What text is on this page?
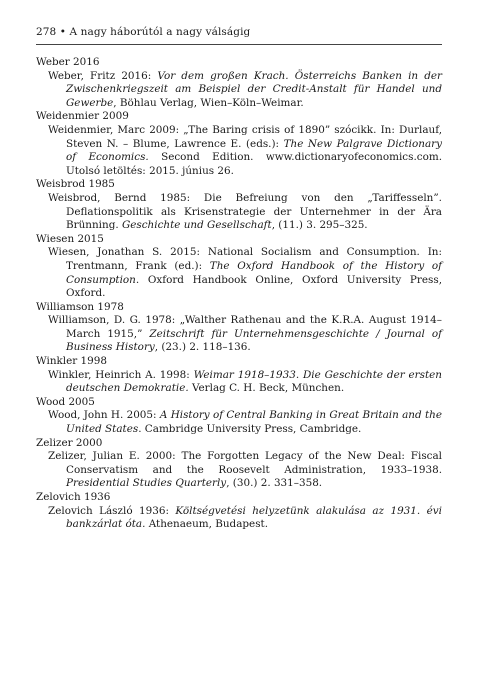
278 • A nagy háborútól a nagy válságig
Weber 2016
Weber, Fritz 2016: Vor dem großen Krach. Österreichs Banken in der Zwischenkriegszeit am Beispiel der Credit-Anstalt für Handel und Gewerbe, Böhlau Verlag, Wien–Köln–Weimar.
Weidenmier 2009
Weidenmier, Marc 2009: „The Baring crisis of 1890” szócikk. In: Durlauf, Steven N. – Blume, Lawrence E. (eds.): The New Palgrave Dictionary of Economics. Second Edition. www.dictionaryofeconomics.com. Utolsó letöltés: 2015. június 26.
Weisbrod 1985
Weisbrod, Bernd 1985: Die Befreiung von den „Tariffesseln”. Deflationspolitik als Krisenstrategie der Unternehmer in der Ära Brünning. Geschichte und Gesellschaft, (11.) 3. 295–325.
Wiesen 2015
Wiesen, Jonathan S. 2015: National Socialism and Consumption. In: Trentmann, Frank (ed.): The Oxford Handbook of the History of Consumption. Oxford Handbook Online, Oxford University Press, Oxford.
Williamson 1978
Williamson, D. G. 1978: „Walther Rathenau and the K.R.A. August 1914–March 1915,” Zeitschrift für Unternehmensgeschichte / Journal of Business History, (23.) 2. 118–136.
Winkler 1998
Winkler, Heinrich A. 1998: Weimar 1918–1933. Die Geschichte der ersten deutschen Demokratie. Verlag C. H. Beck, München.
Wood 2005
Wood, John H. 2005: A History of Central Banking in Great Britain and the United States. Cambridge University Press, Cambridge.
Zelizer 2000
Zelizer, Julian E. 2000: The Forgotten Legacy of the New Deal: Fiscal Conservatism and the Roosevelt Administration, 1933–1938. Presidential Studies Quarterly, (30.) 2. 331–358.
Zelovich 1936
Zelovich László 1936: Költségvetési helyzetünk alakulása az 1931. évi bankzárlat óta. Athenaeum, Budapest.
